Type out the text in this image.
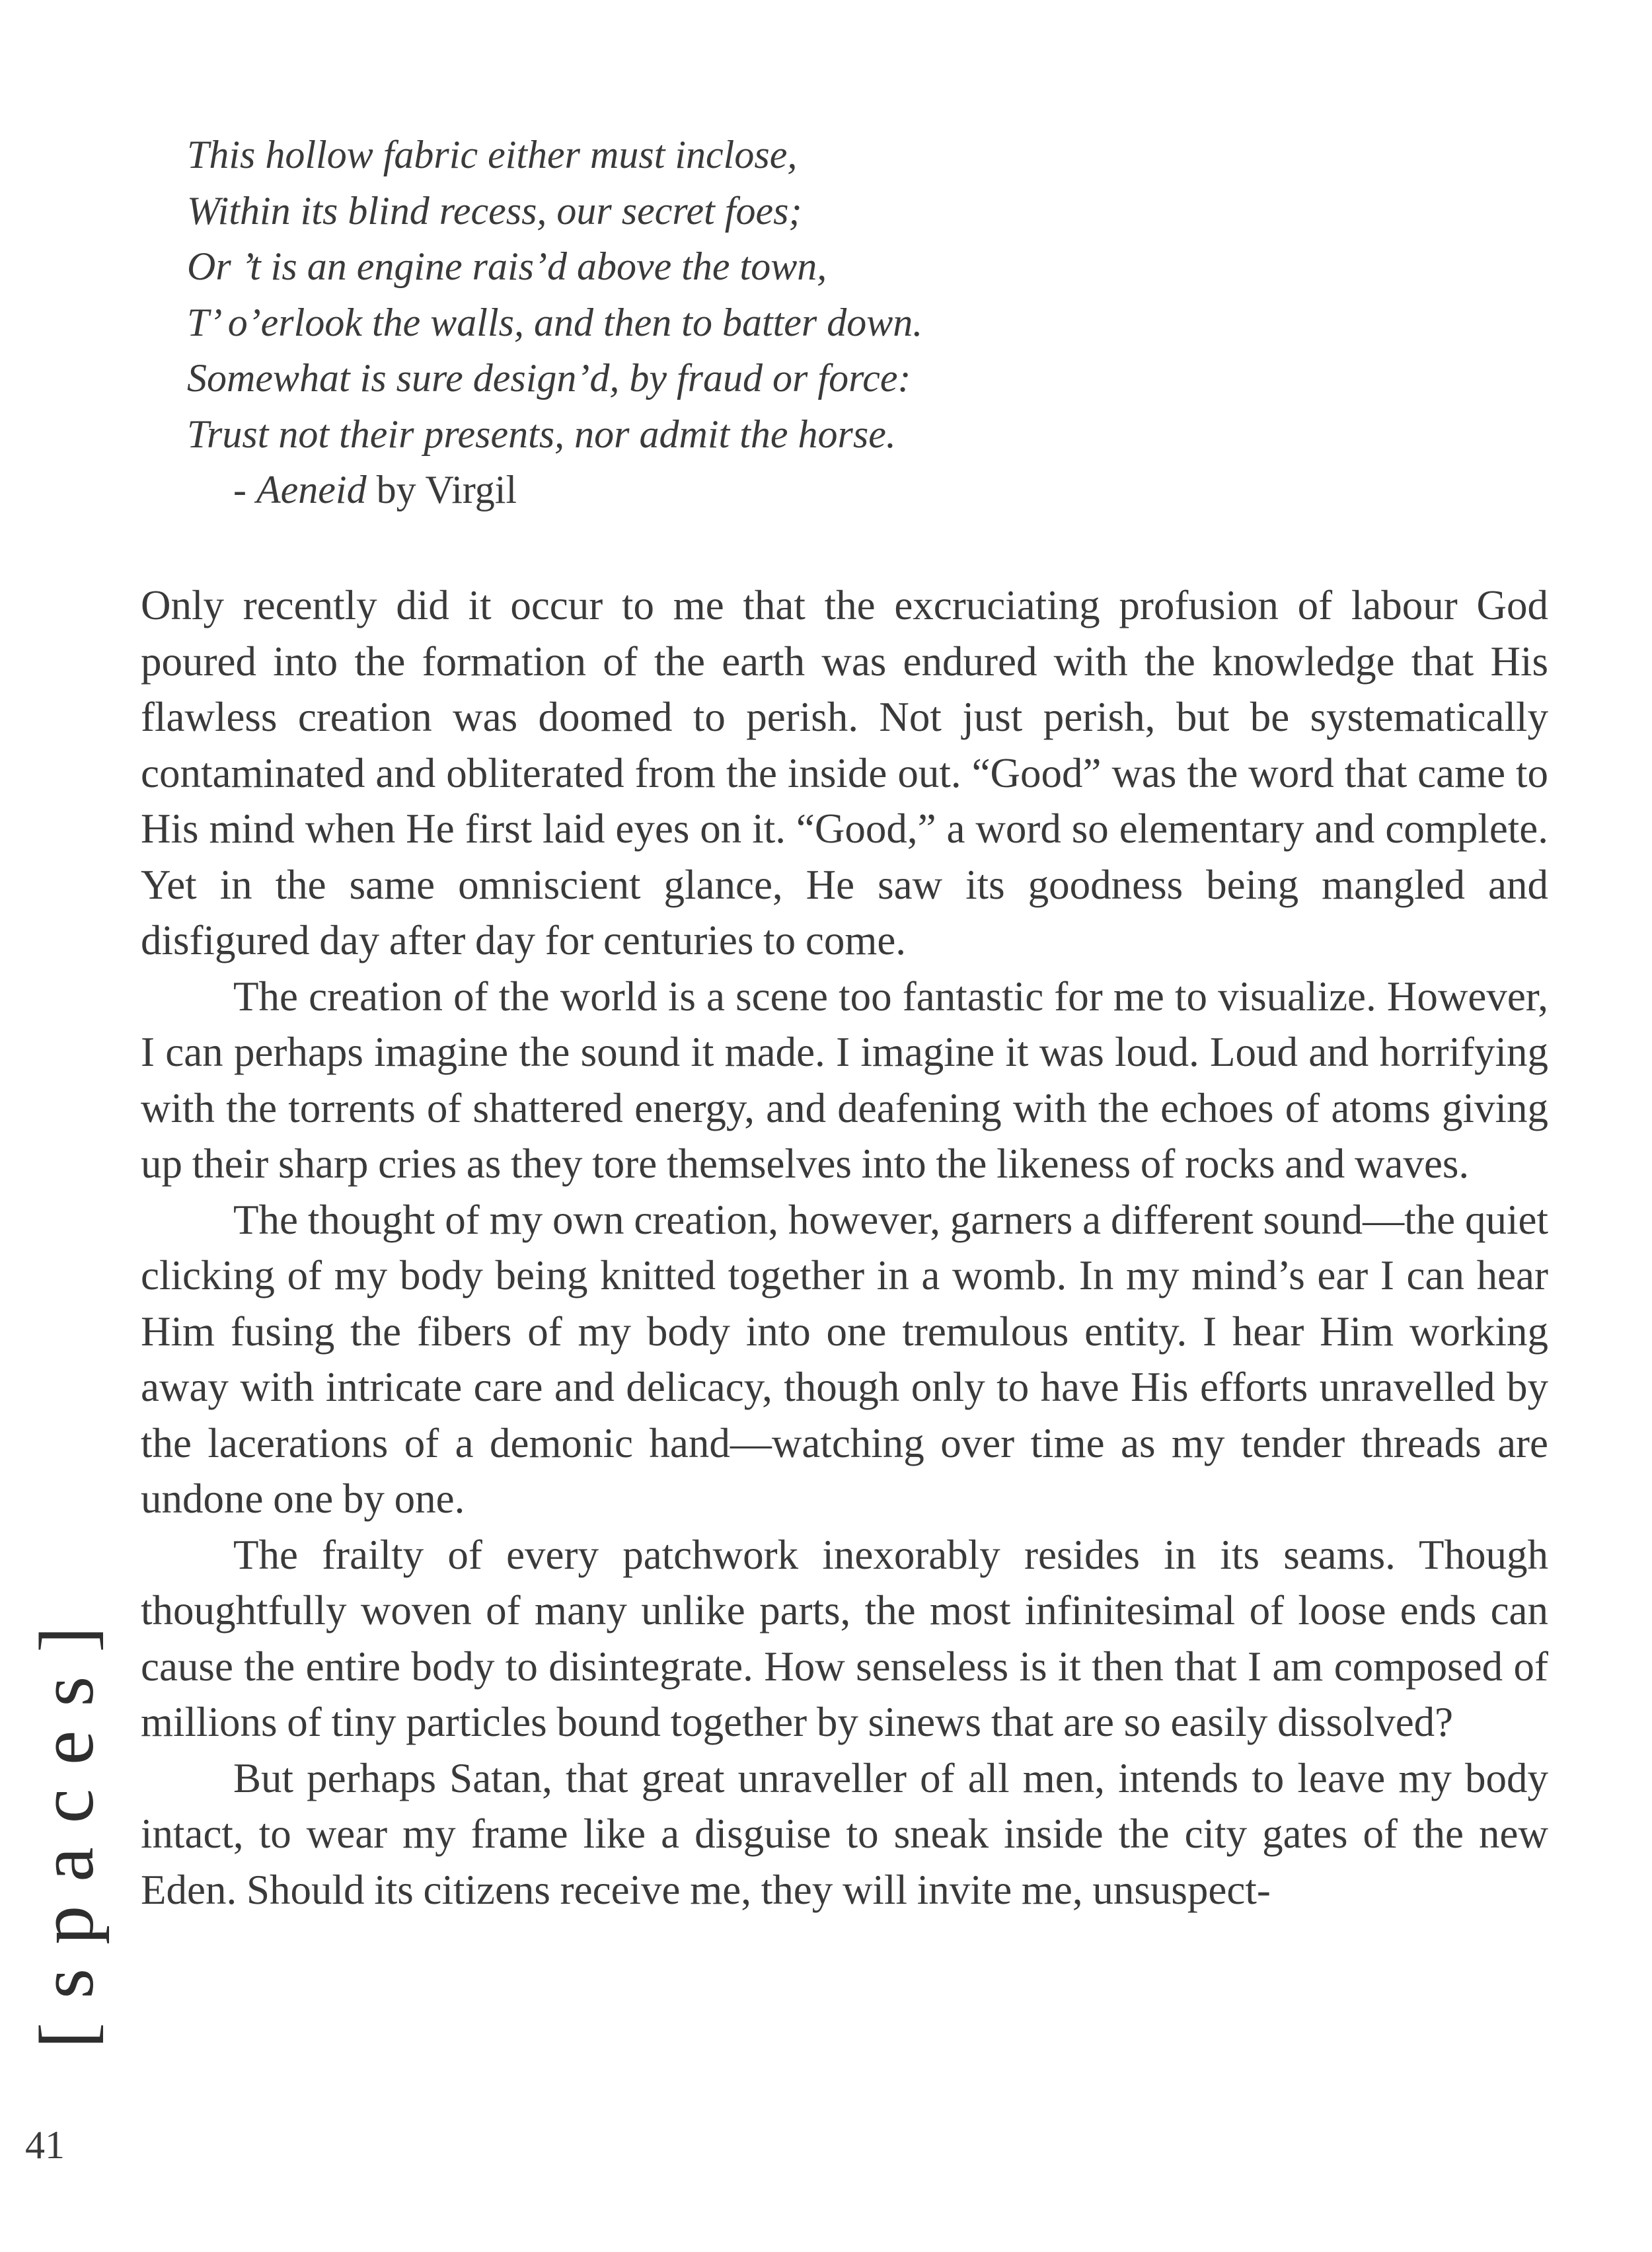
This hollow fabric either must inclose,
Within its blind recess, our secret foes;
Or ’t is an engine rais’d above the town,
T’ o’erlook the walls, and then to batter down.
Somewhat is sure design’d, by fraud or force:
Trust not their presents, nor admit the horse.
- Aeneid by Virgil

Only recently did it occur to me that the excruciating profusion of labour God poured into the formation of the earth was endured with the knowledge that His flawless creation was doomed to perish. Not just perish, but be systematically contaminated and obliterated from the inside out. “Good” was the word that came to His mind when He first laid eyes on it. “Good,” a word so elementary and complete. Yet in the same omniscient glance, He saw its goodness being mangled and disfigured day after day for centuries to come.

The creation of the world is a scene too fantastic for me to visualize. However, I can perhaps imagine the sound it made. I imagine it was loud. Loud and horrifying with the torrents of shattered energy, and deafening with the echoes of atoms giving up their sharp cries as they tore themselves into the likeness of rocks and waves.

The thought of my own creation, however, garners a different sound—the quiet clicking of my body being knitted together in a womb. In my mind’s ear I can hear Him fusing the fibers of my body into one tremulous entity. I hear Him working away with intricate care and delicacy, though only to have His efforts unravelled by the lacerations of a demonic hand—watching over time as my tender threads are undone one by one.

The frailty of every patchwork inexorably resides in its seams. Though thoughtfully woven of many unlike parts, the most infinitesimal of loose ends can cause the entire body to disintegrate. How senseless is it then that I am composed of millions of tiny particles bound together by sinews that are so easily dissolved?

But perhaps Satan, that great unraveller of all men, intends to leave my body intact, to wear my frame like a disguise to sneak inside the city gates of the new Eden. Should its citizens receive me, they will invite me, unsuspect-

[spaces]
41
